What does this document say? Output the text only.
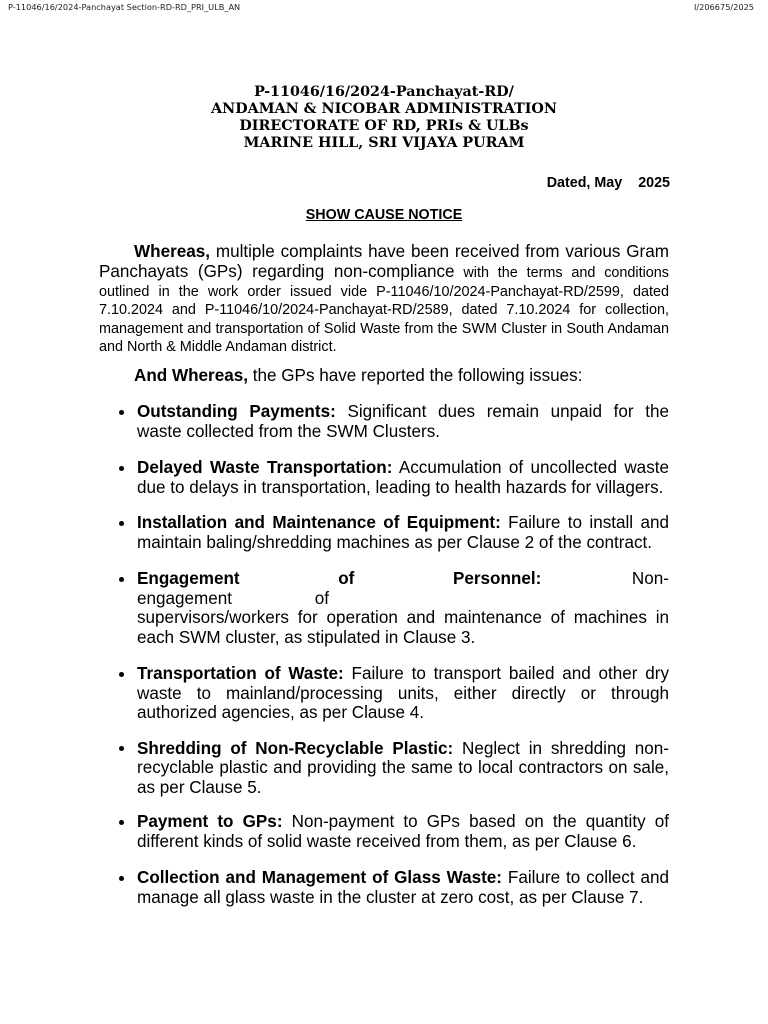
P-11046/16/2024-Panchayat Section-RD-RD_PRI_ULB_AN	I/206675/2025
P-11046/16/2024-Panchayat-RD/
ANDAMAN & NICOBAR ADMINISTRATION
DIRECTORATE OF RD, PRIs & ULBs
MARINE HILL, SRI VIJAYA PURAM
Dated, May 2025
SHOW CAUSE NOTICE
Whereas, multiple complaints have been received from various Gram Panchayats (GPs) regarding non-compliance with the terms and conditions outlined in the work order issued vide P-11046/10/2024-Panchayat-RD/2599, dated 7.10.2024 and P-11046/10/2024-Panchayat-RD/2589, dated 7.10.2024 for collection, management and transportation of Solid Waste from the SWM Cluster in South Andaman and North & Middle Andaman district.
And Whereas, the GPs have reported the following issues:
Outstanding Payments: Significant dues remain unpaid for the waste collected from the SWM Clusters.
Delayed Waste Transportation: Accumulation of uncollected waste due to delays in transportation, leading to health hazards for villagers.
Installation and Maintenance of Equipment: Failure to install and maintain baling/shredding machines as per Clause 2 of the contract.
Engagement of Personnel: Non-engagement of
supervisors/workers for operation and maintenance of machines in each SWM cluster, as stipulated in Clause 3.
Transportation of Waste: Failure to transport bailed and other dry waste to mainland/processing units, either directly or through authorized agencies, as per Clause 4.
Shredding of Non-Recyclable Plastic: Neglect in shredding non-recyclable plastic and providing the same to local contractors on sale, as per Clause 5.
Payment to GPs: Non-payment to GPs based on the quantity of different kinds of solid waste received from them, as per Clause 6.
Collection and Management of Glass Waste: Failure to collect and manage all glass waste in the cluster at zero cost, as per Clause 7.
